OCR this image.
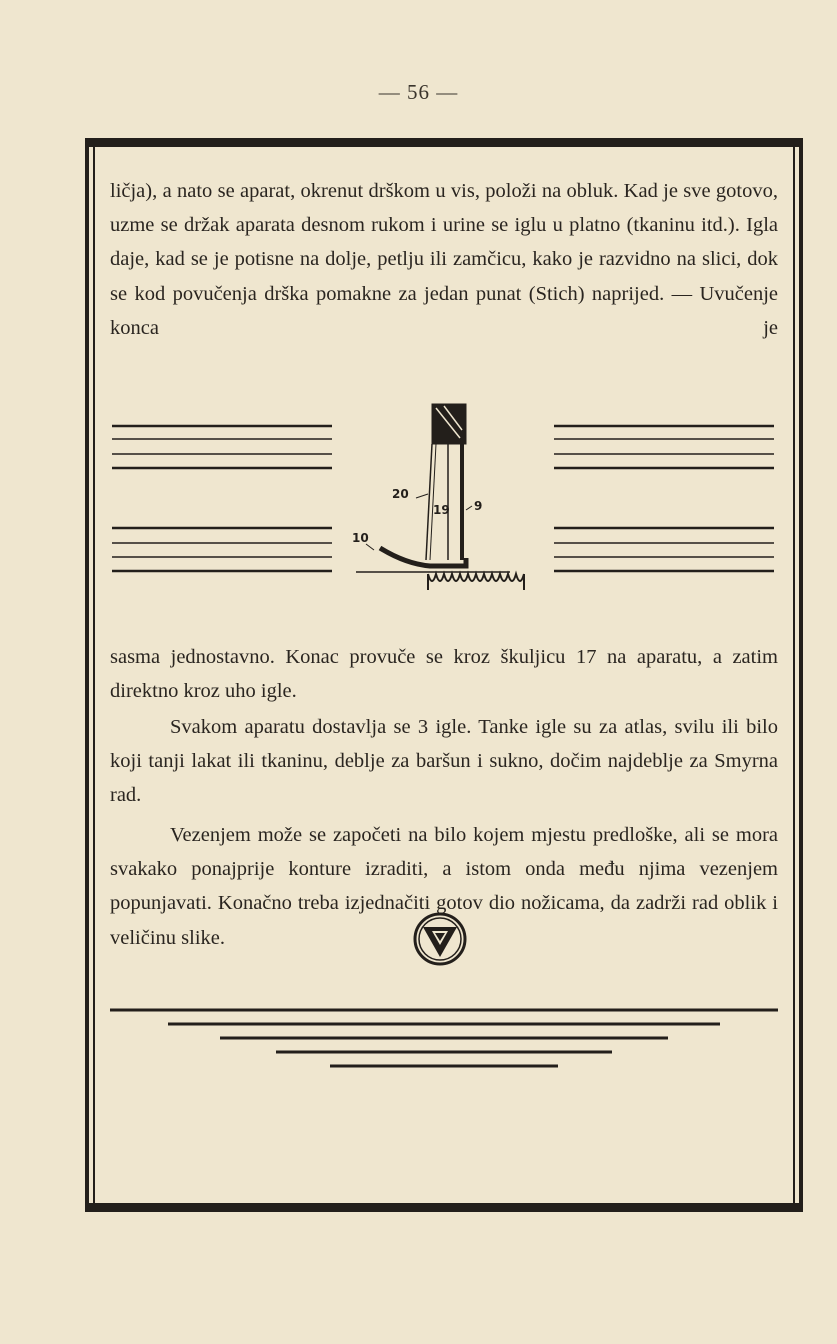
— 56 —

ličja), a nato se aparat, okrenut drškom u vis, položi na obluk. Kad je sve gotovo, uzme se držak aparata desnom rukom i urine se iglu u platno (tkaninu itd.). Igla daje, kad se je potisne na dolje, petlju ili zamčicu, kako je razvidno na slici, dok se kod povučenja drška pomakne za jedan punat (Stich) naprijed. — Uvučenje konca je

20
19 9
10

sasma jednostavno. Konac provuče se kroz škuljicu 17 na aparatu, a zatim direktno kroz uho igle.

Svakom aparatu dostavlja se 3 igle. Tanke igle su za atlas, svilu ili bilo koji tanji lakat ili tkaninu, deblje za baršun i sukno, dočim najdeblje za Smyrna rad.

Vezenjem može se započeti na bilo kojem mjestu predloške, ali se mora svakako ponajprije konture izraditi, a istom onda među njima vezenjem popunjavati. Konačno treba izjednačiti gotov dio nožicama, da zadrži rad oblik i veličinu slike.
